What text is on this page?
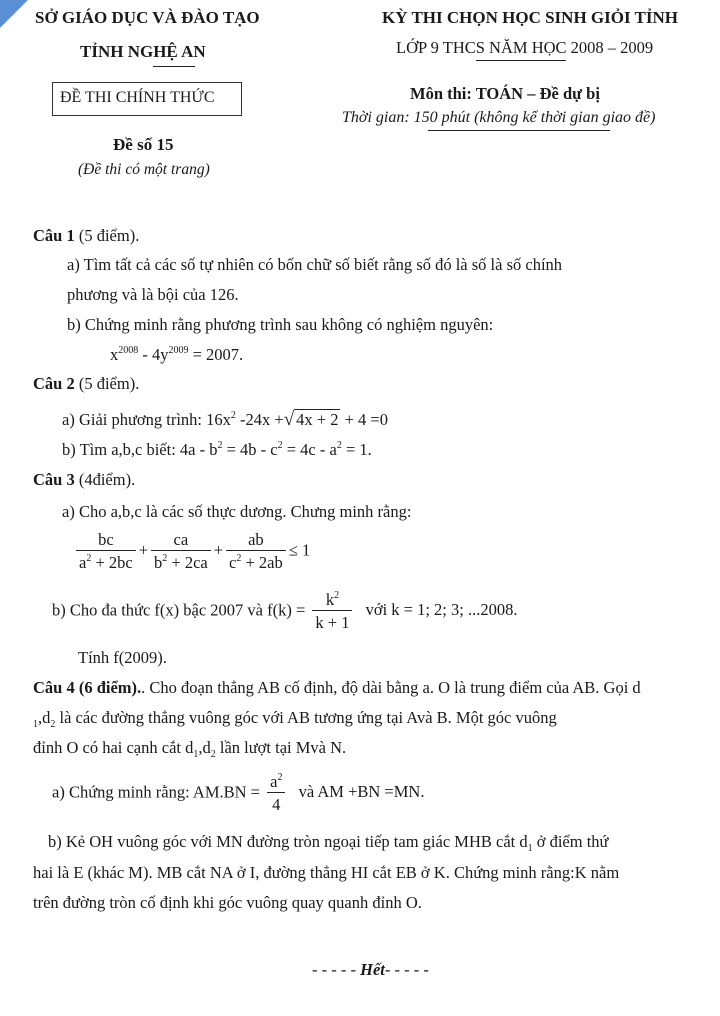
SỞ GIÁO DỤC VÀ ĐÀO TẠO
TỈNH NGHỆ AN
KỲ THI CHỌN HỌC SINH GIỎI TỈNH
LỚP 9 THCS NĂM HỌC 2008 – 2009
ĐỀ THI CHÍNH THỨC	Môn thi: TOÁN – Đề dự bị
Thời gian: 150 phút (không kể thời gian giao đề)
Đề số 15
(Đề thi có một trang)
Câu 1 (5 điểm).
a) Tìm tất cả các số tự nhiên có bốn chữ số biết rằng số đó là số là số chính
phương và là bội của 126.
b) Chứng minh rằng phương trình sau không có nghiệm nguyên:
$x^{2008} - 4y^{2009} = 2007$.
Câu 2 (5 điểm).
a) Giải phương trình: $16x^2$ -24x +√ 4x + 2 + 4 =0
b) Tìm a,b,c biết: $4a - b^2 = 4b - c^2 = 4c - a^2 = 1$.
Câu 3 (4điểm).
a) Cho a,b,c là các số thực dương. Chưng minh rằng:
$\frac{bc}{a^2 + 2bc} + \frac{ca}{b^2 + 2ca} + \frac{ab}{c^2 + 2ab} \le 1$
b) Cho đa thức f(x) bậc 2007 và $f(k) = \frac{k^2}{k + 1}$ với k = 1; 2; 3; ...2008.
Tính f(2009).
Câu 4 (6 điểm).. Cho đoạn thẳng AB cố định, độ dài bằng a. O là trung điểm của AB. Gọi d
$_1,d_2$ là các đường thẳng vuông góc với AB tương ứng tại Avà B. Một góc vuông
đỉnh O có hai cạnh cắt $d_1,d_2$ lần lượt tại Mvà N.
a) Chứng minh rằng: $AM.BN = \frac{a^2}{4}$ và AM +BN =MN.
b) Kẻ OH vuông góc với MN đường tròn ngoại tiếp tam giác MHB cắt $d_1$ ở điểm thứ
hai là E (khác M). MB cắt NA ở I, đường thẳng HI cắt EB ở K. Chứng minh rằng:K nằm
trên đường tròn cố định khi góc vuông quay quanh đỉnh O.
- - - - - Hết- - - - -
